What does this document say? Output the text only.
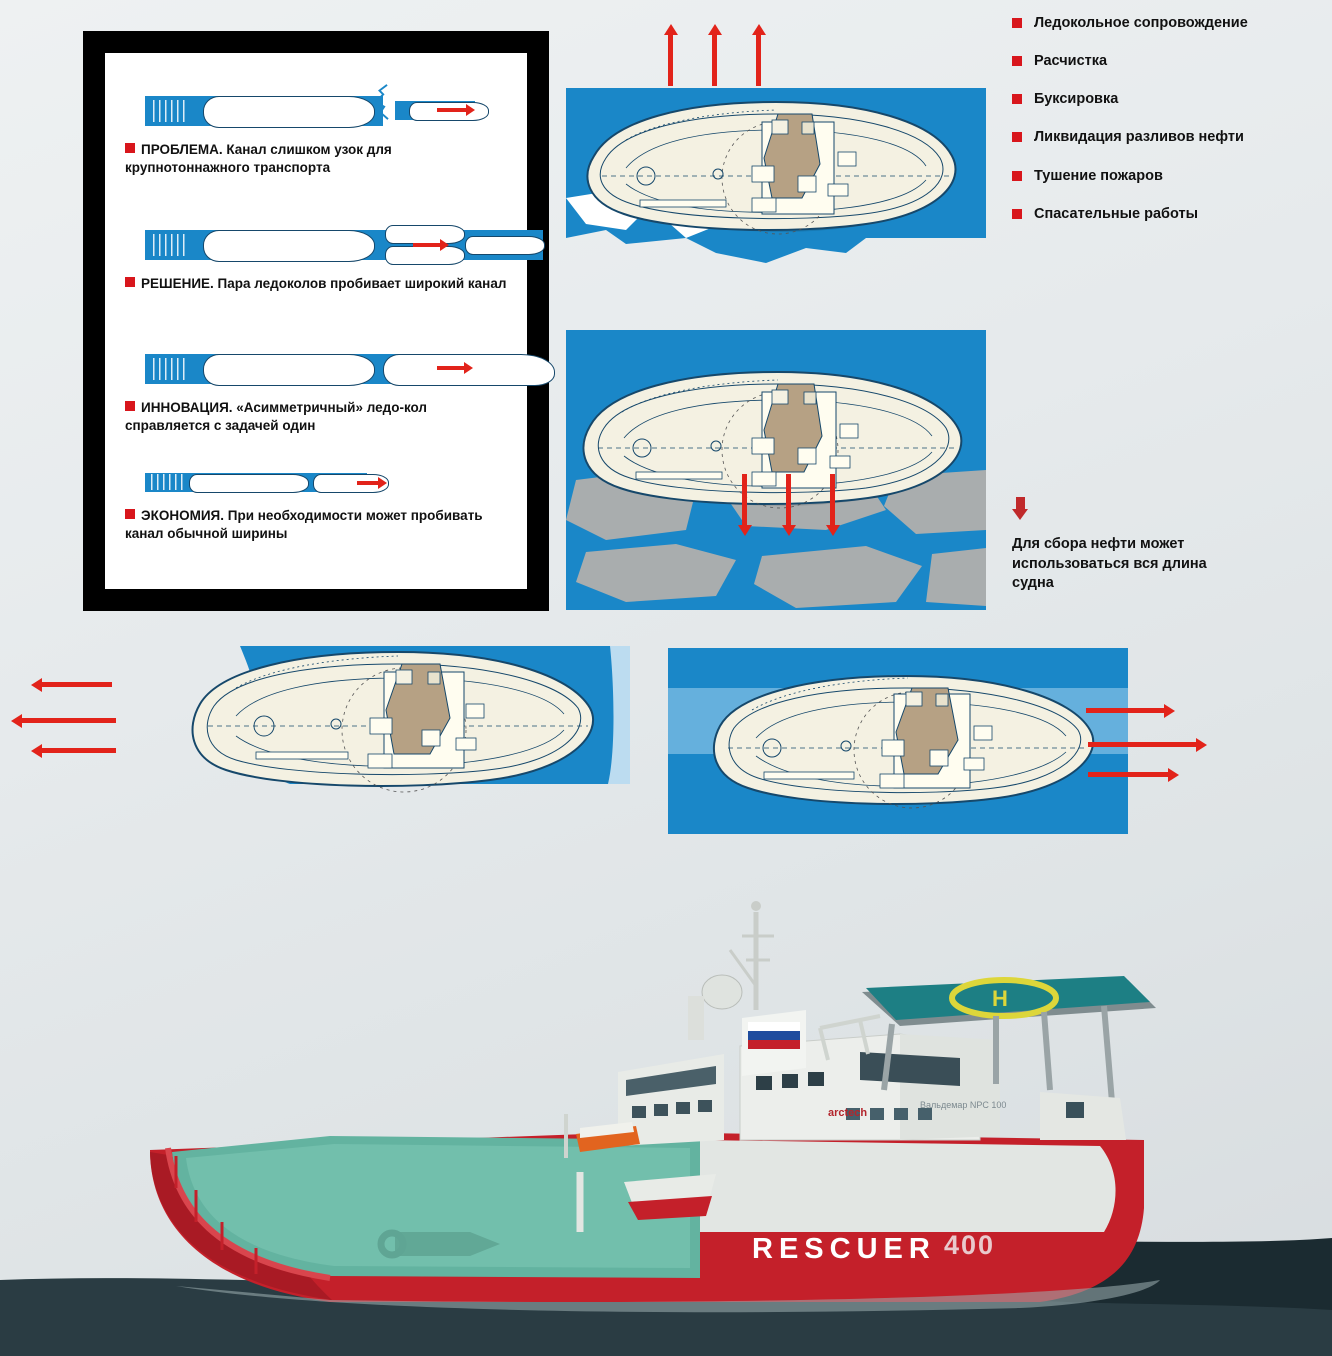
ПРОБЛЕМА. Канал слишком узок для крупнотоннажного транспорта
РЕШЕНИЕ. Пара ледоколов пробивает широкий канал
ИННОВАЦИЯ. «Асимметричный» ледо-кол справляется с задачей один
ЭКОНОМИЯ. При необходимости может пробивать канал обычной ширины
Ледокольное сопровождение
Расчистка
Буксировка
Ликвидация разливов нефти
Тушение пожаров
Спасательные работы
Для сбора нефти может использоваться вся длина судна
RESCUER 400
arctech
Вальдемар NPC 100
H
